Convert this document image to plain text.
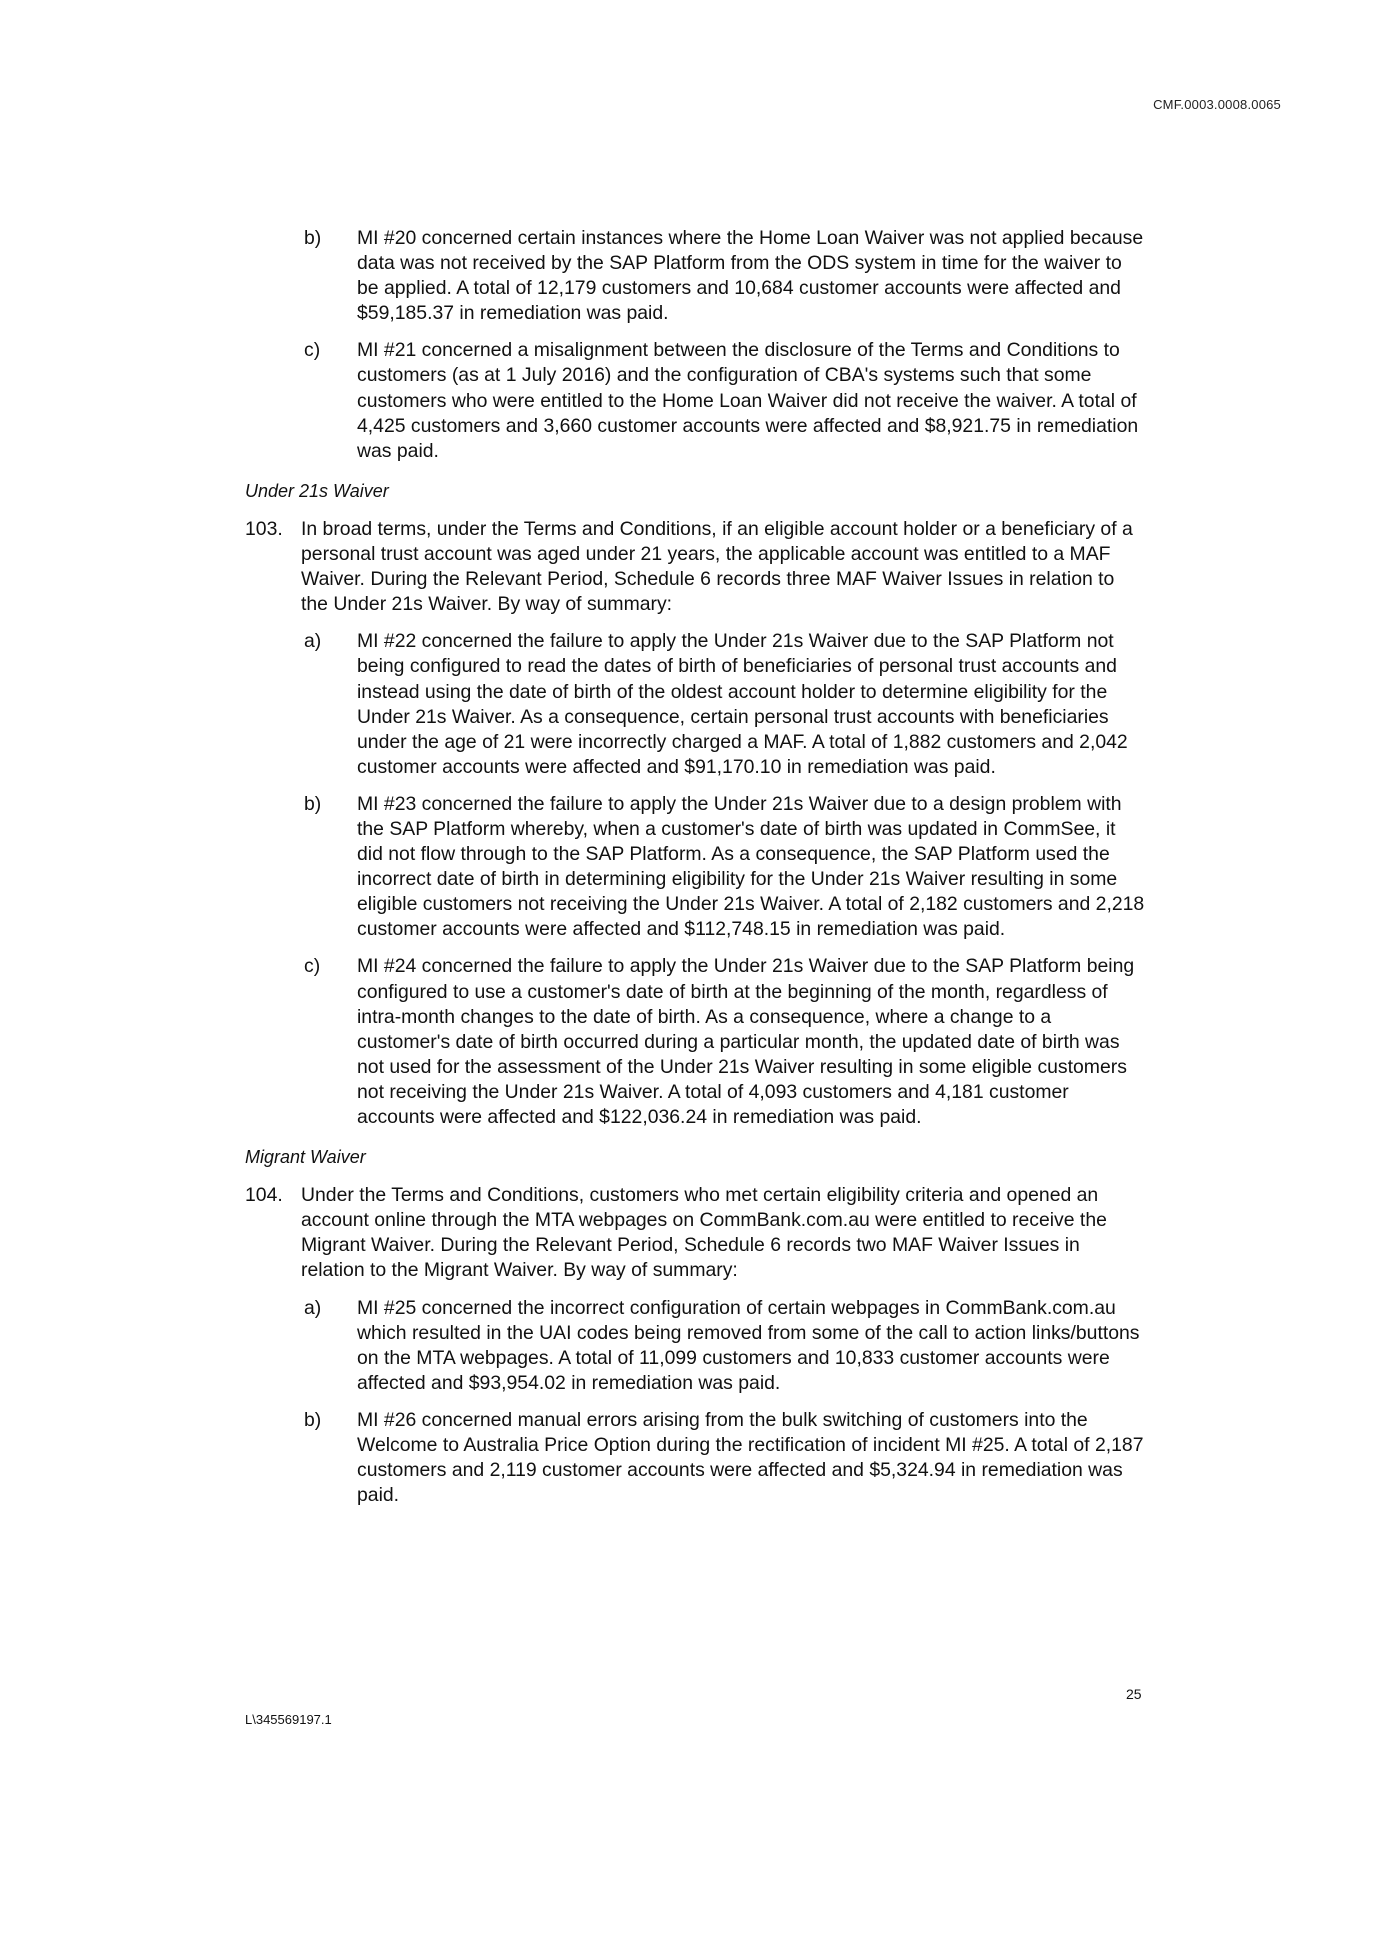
CMF.0003.0008.0065
b) MI #20 concerned certain instances where the Home Loan Waiver was not applied because data was not received by the SAP Platform from the ODS system in time for the waiver to be applied. A total of 12,179 customers and 10,684 customer accounts were affected and $59,185.37 in remediation was paid.
c) MI #21 concerned a misalignment between the disclosure of the Terms and Conditions to customers (as at 1 July 2016) and the configuration of CBA's systems such that some customers who were entitled to the Home Loan Waiver did not receive the waiver. A total of 4,425 customers and 3,660 customer accounts were affected and $8,921.75 in remediation was paid.
Under 21s Waiver
103. In broad terms, under the Terms and Conditions, if an eligible account holder or a beneficiary of a personal trust account was aged under 21 years, the applicable account was entitled to a MAF Waiver. During the Relevant Period, Schedule 6 records three MAF Waiver Issues in relation to the Under 21s Waiver. By way of summary:
a) MI #22 concerned the failure to apply the Under 21s Waiver due to the SAP Platform not being configured to read the dates of birth of beneficiaries of personal trust accounts and instead using the date of birth of the oldest account holder to determine eligibility for the Under 21s Waiver. As a consequence, certain personal trust accounts with beneficiaries under the age of 21 were incorrectly charged a MAF. A total of 1,882 customers and 2,042 customer accounts were affected and $91,170.10 in remediation was paid.
b) MI #23 concerned the failure to apply the Under 21s Waiver due to a design problem with the SAP Platform whereby, when a customer's date of birth was updated in CommSee, it did not flow through to the SAP Platform. As a consequence, the SAP Platform used the incorrect date of birth in determining eligibility for the Under 21s Waiver resulting in some eligible customers not receiving the Under 21s Waiver. A total of 2,182 customers and 2,218 customer accounts were affected and $112,748.15 in remediation was paid.
c) MI #24 concerned the failure to apply the Under 21s Waiver due to the SAP Platform being configured to use a customer's date of birth at the beginning of the month, regardless of intra-month changes to the date of birth. As a consequence, where a change to a customer's date of birth occurred during a particular month, the updated date of birth was not used for the assessment of the Under 21s Waiver resulting in some eligible customers not receiving the Under 21s Waiver. A total of 4,093 customers and 4,181 customer accounts were affected and $122,036.24 in remediation was paid.
Migrant Waiver
104. Under the Terms and Conditions, customers who met certain eligibility criteria and opened an account online through the MTA webpages on CommBank.com.au were entitled to receive the Migrant Waiver. During the Relevant Period, Schedule 6 records two MAF Waiver Issues in relation to the Migrant Waiver. By way of summary:
a) MI #25 concerned the incorrect configuration of certain webpages in CommBank.com.au which resulted in the UAI codes being removed from some of the call to action links/buttons on the MTA webpages. A total of 11,099 customers and 10,833 customer accounts were affected and $93,954.02 in remediation was paid.
b) MI #26 concerned manual errors arising from the bulk switching of customers into the Welcome to Australia Price Option during the rectification of incident MI #25. A total of 2,187 customers and 2,119 customer accounts were affected and $5,324.94 in remediation was paid.
25
L\345569197.1
